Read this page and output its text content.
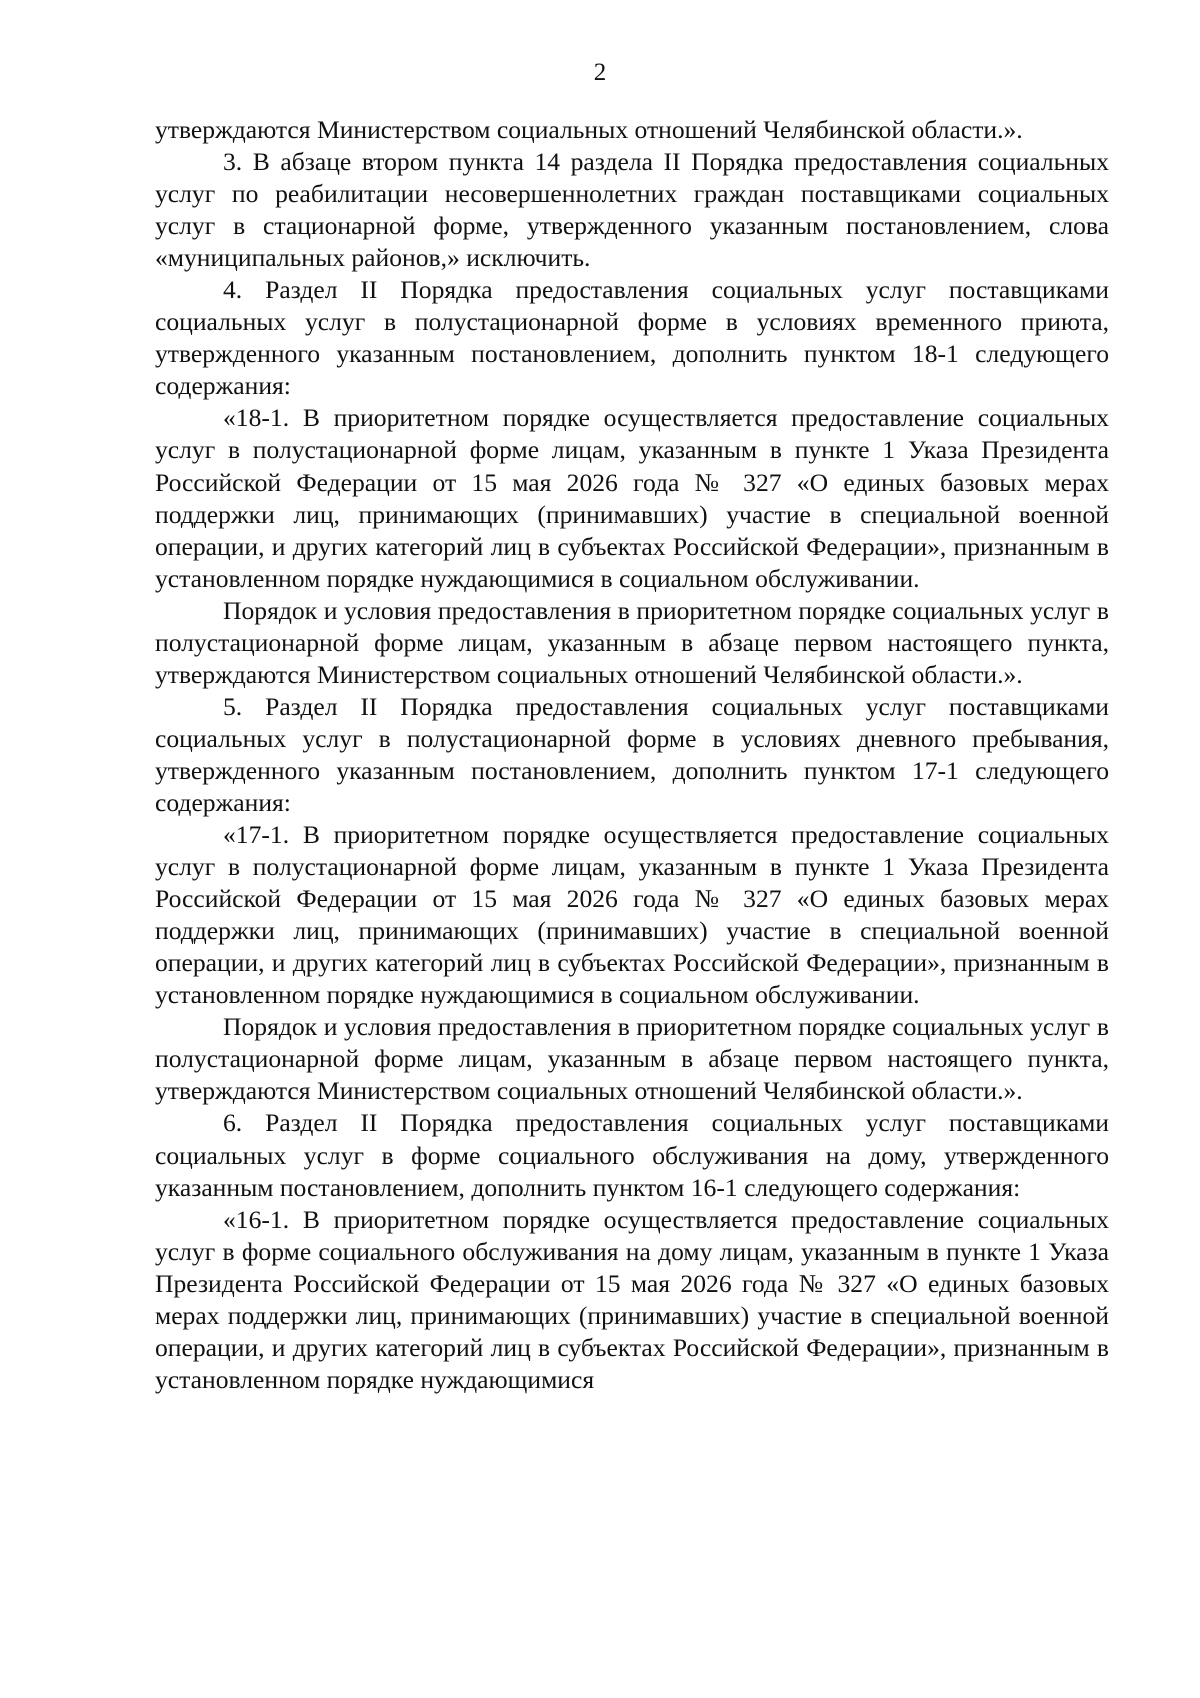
2

утверждаются Министерством социальных отношений Челябинской области.».

3. В абзаце втором пункта 14 раздела II Порядка предоставления социальных услуг по реабилитации несовершеннолетних граждан поставщиками социальных услуг в стационарной форме, утвержденного указанным постановлением, слова «муниципальных районов,» исключить.

4. Раздел II Порядка предоставления социальных услуг поставщиками социальных услуг в полустационарной форме в условиях временного приюта, утвержденного указанным постановлением, дополнить пунктом 18-1 следующего содержания:

«18-1. В приоритетном порядке осуществляется предоставление социальных услуг в полустационарной форме лицам, указанным в пункте 1 Указа Президента Российской Федерации от 15 мая 2026 года № 327 «О единых базовых мерах поддержки лиц, принимающих (принимавших) участие в специальной военной операции, и других категорий лиц в субъектах Российской Федерации», признанным в установленном порядке нуждающимися в социальном обслуживании.

Порядок и условия предоставления в приоритетном порядке социальных услуг в полустационарной форме лицам, указанным в абзаце первом настоящего пункта, утверждаются Министерством социальных отношений Челябинской области.».

5. Раздел II Порядка предоставления социальных услуг поставщиками социальных услуг в полустационарной форме в условиях дневного пребывания, утвержденного указанным постановлением, дополнить пунктом 17-1 следующего содержания:

«17-1. В приоритетном порядке осуществляется предоставление социальных услуг в полустационарной форме лицам, указанным в пункте 1 Указа Президента Российской Федерации от 15 мая 2026 года № 327 «О единых базовых мерах поддержки лиц, принимающих (принимавших) участие в специальной военной операции, и других категорий лиц в субъектах Российской Федерации», признанным в установленном порядке нуждающимися в социальном обслуживании.

Порядок и условия предоставления в приоритетном порядке социальных услуг в полустационарной форме лицам, указанным в абзаце первом настоящего пункта, утверждаются Министерством социальных отношений Челябинской области.».

6. Раздел II Порядка предоставления социальных услуг поставщиками социальных услуг в форме социального обслуживания на дому, утвержденного указанным постановлением, дополнить пунктом 16-1 следующего содержания:

«16-1. В приоритетном порядке осуществляется предоставление социальных услуг в форме социального обслуживания на дому лицам, указанным в пункте 1 Указа Президента Российской Федерации от 15 мая 2026 года № 327 «О единых базовых мерах поддержки лиц, принимающих (принимавших) участие в специальной военной операции, и других категорий лиц в субъектах Российской Федерации», признанным в установленном порядке нуждающимися
